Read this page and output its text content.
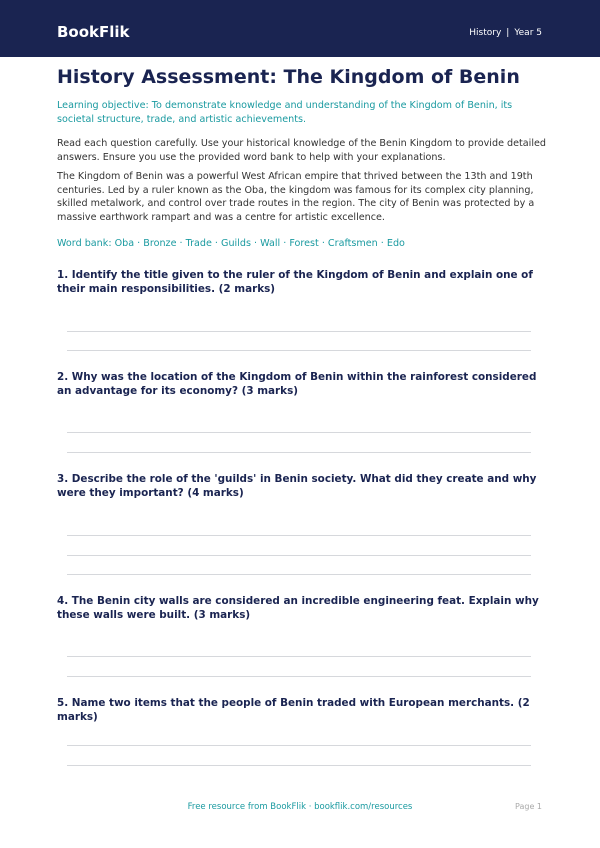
BookFlik	History | Year 5
History Assessment: The Kingdom of Benin

Learning objective: To demonstrate knowledge and understanding of the Kingdom of Benin, its societal structure, trade, and artistic achievements.

Read each question carefully. Use your historical knowledge of the Benin Kingdom to provide detailed answers. Ensure you use the provided word bank to help with your explanations.

The Kingdom of Benin was a powerful West African empire that thrived between the 13th and 19th centuries. Led by a ruler known as the Oba, the kingdom was famous for its complex city planning, skilled metalwork, and control over trade routes in the region. The city of Benin was protected by a massive earthwork rampart and was a centre for artistic excellence.

Word bank: Oba · Bronze · Trade · Guilds · Wall · Forest · Craftsmen · Edo

1. Identify the title given to the ruler of the Kingdom of Benin and explain one of their main responsibilities. (2 marks)

2. Why was the location of the Kingdom of Benin within the rainforest considered an advantage for its economy? (3 marks)

3. Describe the role of the 'guilds' in Benin society. What did they create and why were they important? (4 marks)

4. The Benin city walls are considered an incredible engineering feat. Explain why these walls were built. (3 marks)

5. Name two items that the people of Benin traded with European merchants. (2 marks)

Free resource from BookFlik · bookflik.com/resources	Page 1
